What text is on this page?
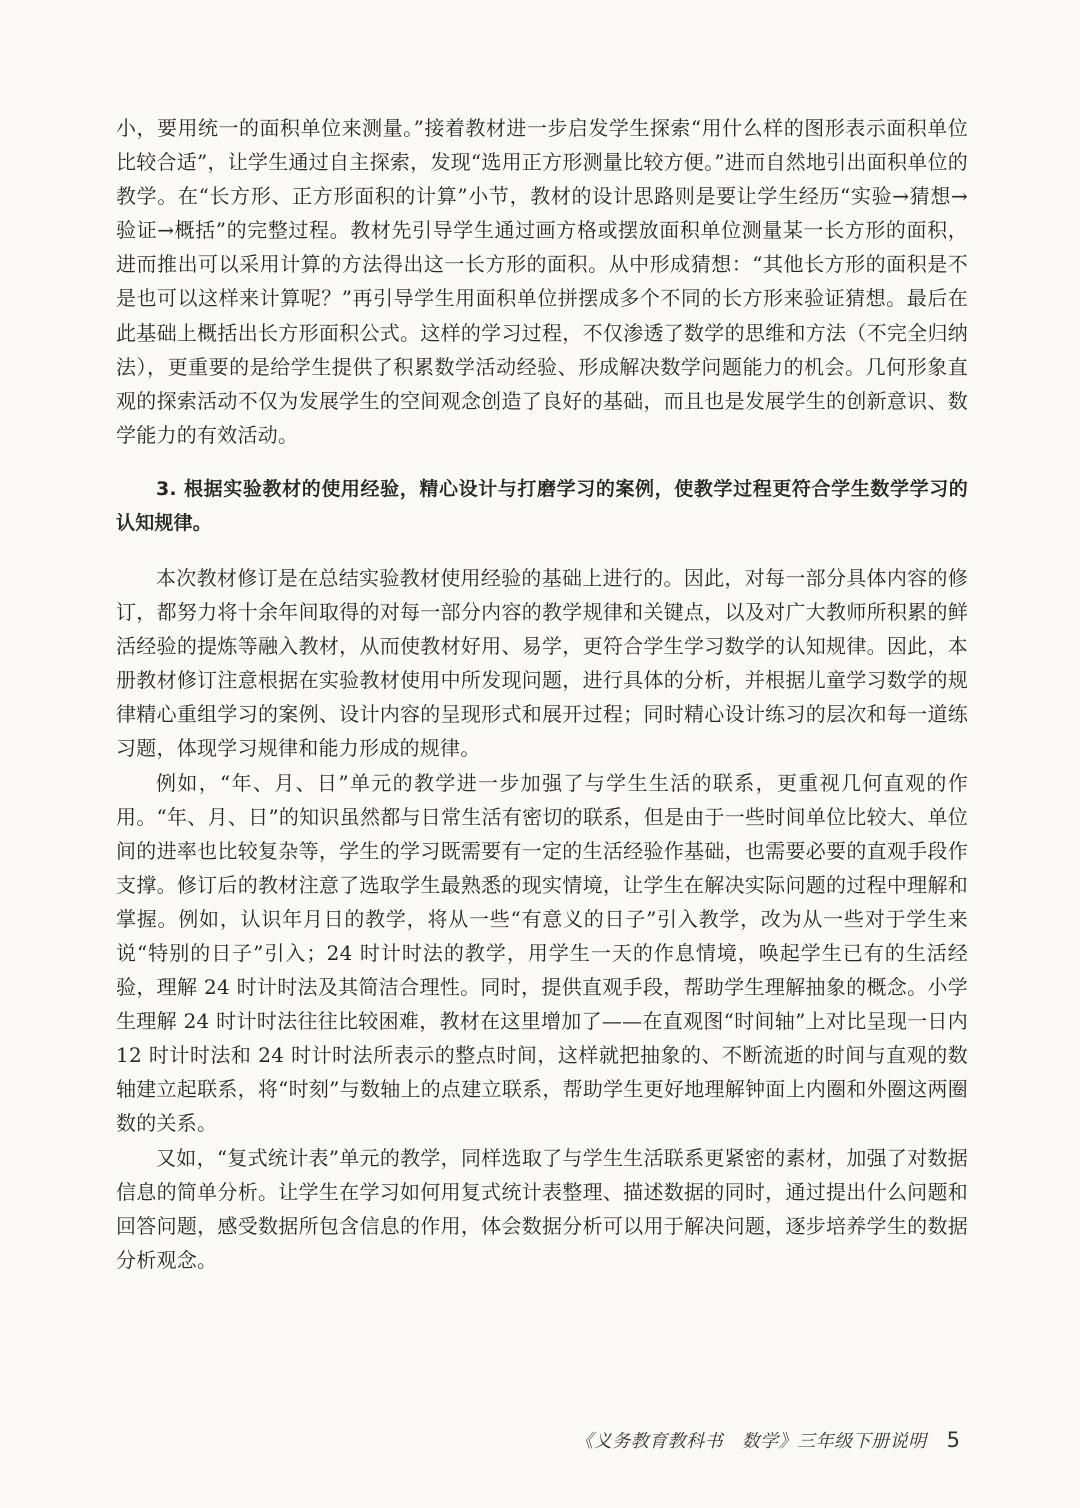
小，要用统一的面积单位来测量。”接着教材进一步启发学生探索“用什么样的图形表示面积单位比较合适”，让学生通过自主探索，发现“选用正方形测量比较方便。”进而自然地引出面积单位的教学。在“长方形、正方形面积的计算”小节，教材的设计思路则是要让学生经历“实验→猜想→验证→概括”的完整过程。教材先引导学生通过画方格或摆放面积单位测量某一长方形的面积，进而推出可以采用计算的方法得出这一长方形的面积。从中形成猜想：“其他长方形的面积是不是也可以这样来计算呢？”再引导学生用面积单位拼摆成多个不同的长方形来验证猜想。最后在此基础上概括出长方形面积公式。这样的学习过程，不仅渗透了数学的思维和方法（不完全归纳法），更重要的是给学生提供了积累数学活动经验、形成解决数学问题能力的机会。几何形象直观的探索活动不仅为发展学生的空间观念创造了良好的基础，而且也是发展学生的创新意识、数学能力的有效活动。

3. 根据实验教材的使用经验，精心设计与打磨学习的案例，使教学过程更符合学生数学学习的认知规律。

本次教材修订是在总结实验教材使用经验的基础上进行的。因此，对每一部分具体内容的修订，都努力将十余年间取得的对每一部分内容的教学规律和关键点，以及对广大教师所积累的鲜活经验的提炼等融入教材，从而使教材好用、易学，更符合学生学习数学的认知规律。因此，本册教材修订注意根据在实验教材使用中所发现问题，进行具体的分析，并根据儿童学习数学的规律精心重组学习的案例、设计内容的呈现形式和展开过程；同时精心设计练习的层次和每一道练习题，体现学习规律和能力形成的规律。

例如，“年、月、日”单元的教学进一步加强了与学生生活的联系，更重视几何直观的作用。“年、月、日”的知识虽然都与日常生活有密切的联系，但是由于一些时间单位比较大、单位间的进率也比较复杂等，学生的学习既需要有一定的生活经验作基础，也需要必要的直观手段作支撑。修订后的教材注意了选取学生最熟悉的现实情境，让学生在解决实际问题的过程中理解和掌握。例如，认识年月日的教学，将从一些“有意义的日子”引入教学，改为从一些对于学生来说“特别的日子”引入；24 时计时法的教学，用学生一天的作息情境，唤起学生已有的生活经验，理解 24 时计时法及其简洁合理性。同时，提供直观手段，帮助学生理解抽象的概念。小学生理解 24 时计时法往往比较困难，教材在这里增加了——在直观图“时间轴”上对比呈现一日内 12 时计时法和 24 时计时法所表示的整点时间，这样就把抽象的、不断流逝的时间与直观的数轴建立起联系，将“时刻”与数轴上的点建立联系，帮助学生更好地理解钟面上内圈和外圈这两圈数的关系。

又如，“复式统计表”单元的教学，同样选取了与学生生活联系更紧密的素材，加强了对数据信息的简单分析。让学生在学习如何用复式统计表整理、描述数据的同时，通过提出什么问题和回答问题，感受数据所包含信息的作用，体会数据分析可以用于解决问题，逐步培养学生的数据分析观念。

《义务教育教科书　数学》三年级下册说明 5
